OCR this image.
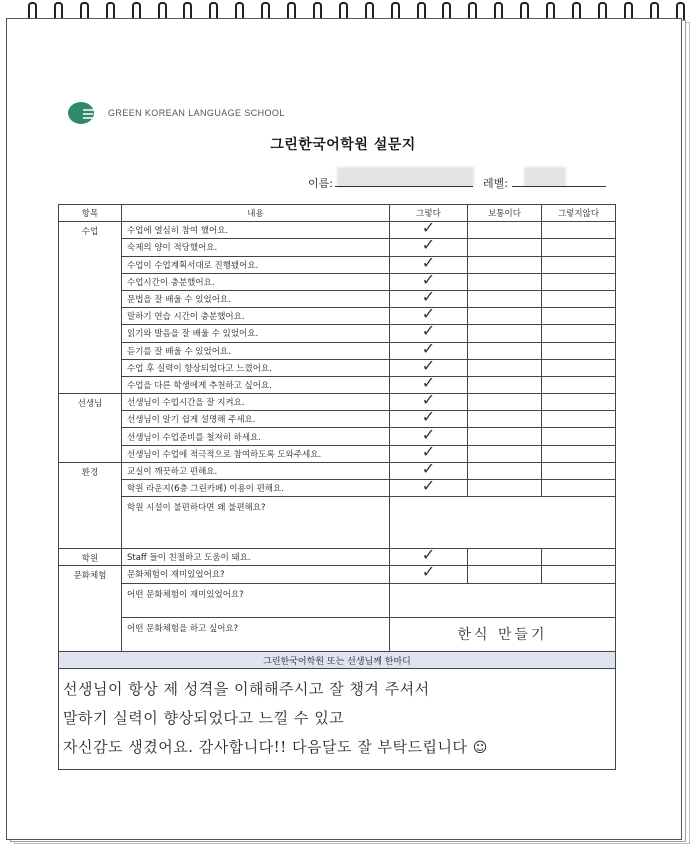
GREEN KOREAN LANGUAGE SCHOOL
그린한국어학원 설문지
이름:	레벨:
항목	내용	그렇다	보통이다	그렇지않다
수업	수업에 열심히 참여 했어요.	✓		
	숙제의 양이 적당했어요.	✓		
	수업이 수업계획서대로 진행됐어요.	✓		
	수업시간이 충분했어요.	✓		
	문법을 잘 배울 수 있었어요.	✓		
	말하기 연습 시간이 충분했어요.	✓		
	읽기와 발음을 잘 배울 수 있었어요.	✓		
	듣기를 잘 배울 수 있었어요.	✓		
	수업 후 실력이 향상되었다고 느꼈어요.	✓		
	수업을 다른 학생에게 추천하고 싶어요.	✓		
선생님	선생님이 수업시간을 잘 지켜요.	✓		
	선생님이 알기 쉽게 설명해 주세요.	✓		
	선생님이 수업준비를 철저히 하세요.	✓		
	선생님이 수업에 적극적으로 참여하도록 도와주세요.	✓		
환경	교실이 깨끗하고 편해요.	✓		
	학원 라운지(6층 그린카페) 이용이 편해요.	✓		
	학원 시설이 불편하다면 왜 불편해요?			
학원	Staff 들이 친절하고 도움이 돼요.	✓		
문화체험	문화체험이 재미있었어요?	✓		
	어떤 문화체험이 재미있었어요?			

	어떤 문화체험을 하고 싶어요?	한식 만들기		
그린한국어학원 또는 선생님께 한마디

선생님이 항상 제 성격을 이해해주시고 잘 챙겨 주셔서
말하기 실력이 향상되었다고 느낄 수 있고
자신감도 생겼어요. 감사합니다!! 다음달도 잘 부탁드립니다 ☺
